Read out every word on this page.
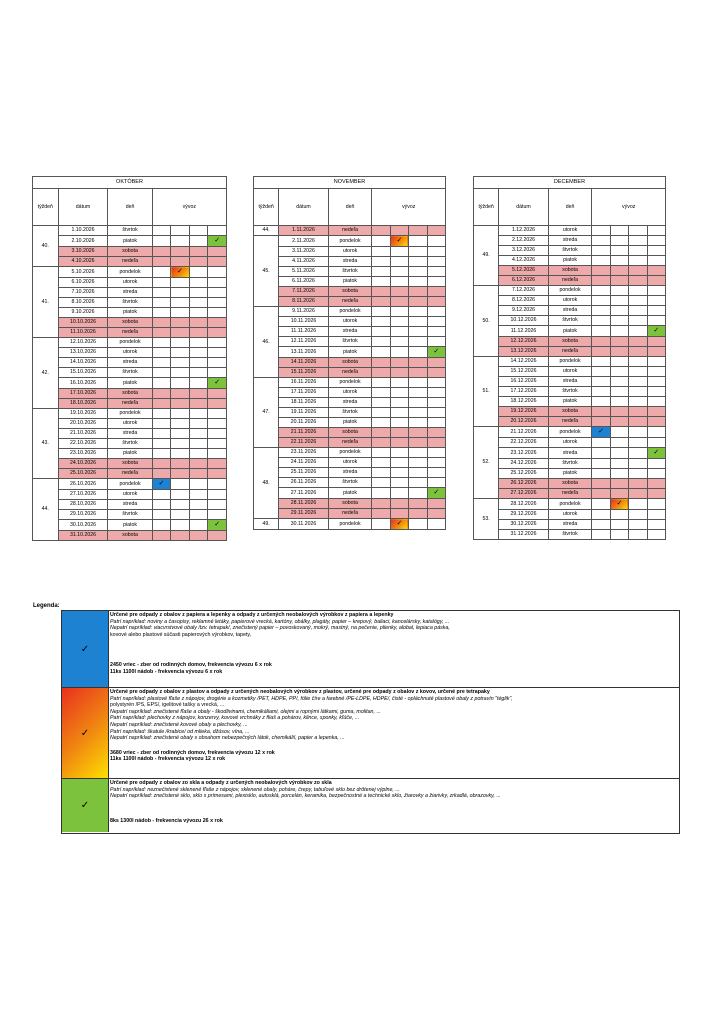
OKTÓBER						
týždeň	dátum	deň	vývoz			
40.	1.10.2026	štvrtok				
	2.10.2026	piatok				✓
	3.10.2026	sobota				
	4.10.2026	nedeľa				
41.	5.10.2026	pondelok		✓		
	6.10.2026	utorok				
	7.10.2026	streda				
	8.10.2026	štvrtok				
	9.10.2026	piatok				
	10.10.2026	sobota				
	11.10.2026	nedeľa				
42.	12.10.2026	pondelok				
	13.10.2026	utorok				
	14.10.2026	streda				
	15.10.2026	štvrtok				
	16.10.2026	piatok				✓
	17.10.2026	sobota				
	18.10.2026	nedeľa				
43.	19.10.2026	pondelok				
	20.10.2026	utorok				
	21.10.2026	streda				
	22.10.2026	štvrtok				
	23.10.2026	piatok				
	24.10.2026	sobota				
	25.10.2026	nedeľa				
44.	26.10.2026	pondelok	✓			
	27.10.2026	utorok				
	28.10.2026	streda				
	29.10.2026	štvrtok				
	30.10.2026	piatok				✓
	31.10.2026	sobota				
NOVEMBER						
týždeň	dátum	deň	vývoz			
44.	1.11.2026	nedeľa				
45.	2.11.2026	pondelok		✓		
	3.11.2026	utorok				
	4.11.2026	streda				
	5.11.2026	štvrtok				
	6.11.2026	piatok				
	7.11.2026	sobota				
	8.11.2026	nedeľa				
46.	9.11.2026	pondelok				
	10.11.2026	utorok				
	11.11.2026	streda				
	12.11.2026	štvrtok				
	13.11.2026	piatok				✓
	14.11.2026	sobota				
	15.11.2026	nedeľa				
47.	16.11.2026	pondelok				
	17.11.2026	utorok				
	18.11.2026	streda				
	19.11.2026	štvrtok				
	20.11.2026	piatok				
	21.11.2026	sobota				
	22.11.2026	nedeľa				
48.	23.11.2026	pondelok				
	24.11.2026	utorok				
	25.11.2026	streda				
	26.11.2026	štvrtok				
	27.11.2026	piatok				✓
	28.11.2026	sobota				
	29.11.2026	nedeľa				
49.	30.11.2026	pondelok		✓		
DECEMBER						
týždeň	dátum	deň	vývoz			
49.	1.12.2026	utorok				
	2.12.2026	streda				
	3.12.2026	štvrtok				
	4.12.2026	piatok				
	5.12.2026	sobota				
	6.12.2026	nedeľa				
50.	7.12.2026	pondelok				
	8.12.2026	utorok				
	9.12.2026	streda				
	10.12.2026	štvrtok				
	11.12.2026	piatok				✓
	12.12.2026	sobota				
	13.12.2026	nedeľa				
51.	14.12.2026	pondelok				
	15.12.2026	utorok				
	16.12.2026	streda				
	17.12.2026	štvrtok				
	18.12.2026	piatok				
	19.12.2026	sobota				
	20.12.2026	nedeľa				
52.	21.12.2026	pondelok	✓			
	22.12.2026	utorok				
	23.12.2026	streda				✓
	24.12.2026	štvrtok				
	25.12.2026	piatok				
	26.12.2026	sobota				
	27.12.2026	nedeľa				
53.	28.12.2026	pondelok		✓		
	29.12.2026	utorok				
	30.12.2026	streda				
	31.12.2026	štvrtok				
Legenda:
✓
Určené pre odpady z obalov z papiera a lepenky a odpady z určených neobalových výrobkov z papiera a lepenky
Patrí napríklad: noviny a časopisy, reklamné letáky, papierové vrecká, kartóny, obálky, plagáty, papier – krepový, baliaci, kancelársky, katalógy, ...
Nepatrí napríklad: viacvrstvové obaly /tzv. tetrapak/, znečistený papier – povoskovaný, mokrý, mastný, na pečenie, plienky, alobal, lepiaca páska,
kovové alebo plastové súčasti papierových výrobkov, tapety,
2450 vriec - zber od rodinných domov, frekvencia vývozu 6 x rok
11ks 1100l nádob - frekvencia vývozu 6 x rok
✓
Určené pre odpady z obalov z plastov a odpady z určených neobalových výrobkov z plastov, určené pre odpady z obalov z kovov, určené pre tetrapaky
Patrí napríklad: plastové fľaše z nápojov, drogérie a kozmetiky /PET, HDPE, PP/, fólie číre a farebné /PE-LDPE, HDPE/, čisté - opláchnuté plastové obaly z potravín "téglik",
polystyrén /PS, EPS/, igelitové tašky a vrecká, ...
Nepatrí napríklad: znečistené fľaše a obaly - škodlivinami, chemikáliami, olejmi a ropnými látkami, guma, molitan, ...
Patrí napríklad: plechovky z nápojov, konzervy, kovové vrchnáky z fliaš a pohárov, klince, sponky, kľúče, ...
Nepatrí napríklad: znečistené kovové obaly a plechovky, ...
Patrí napríklad: škatule /krabice/ od mlieka, džúsov, vína, ...
Nepatrí napríklad: znečistené obaly s obsahom nebezpečných látok, chemikálií, papier a lepenka, ...
3680 vriec - zber od rodinných domov, frekvencia vývozu 12 x rok
11ks 1100l nádob - frekvencia vývozu 12 x rok
✓
Určené pre odpady z obalov zo skla a odpady z určených neobalových výrobkov zo skla
Patrí napríklad: neznečistené sklenené fľaše z nápojov, sklenené obaly, poháre, črepy, tabuľové sklo bez drôtenej výplne, ...
Nepatrí napríklad: znečistené sklo, sklo s prímesami, plexisklo, autosklá, porcelán, keramika, bezpečnostné a technické sklo, žiarovky a žiarivky, zrkadlá, obrazovky, ...
8ks 1300l nádob - frekvencia vývozu 26 x rok
